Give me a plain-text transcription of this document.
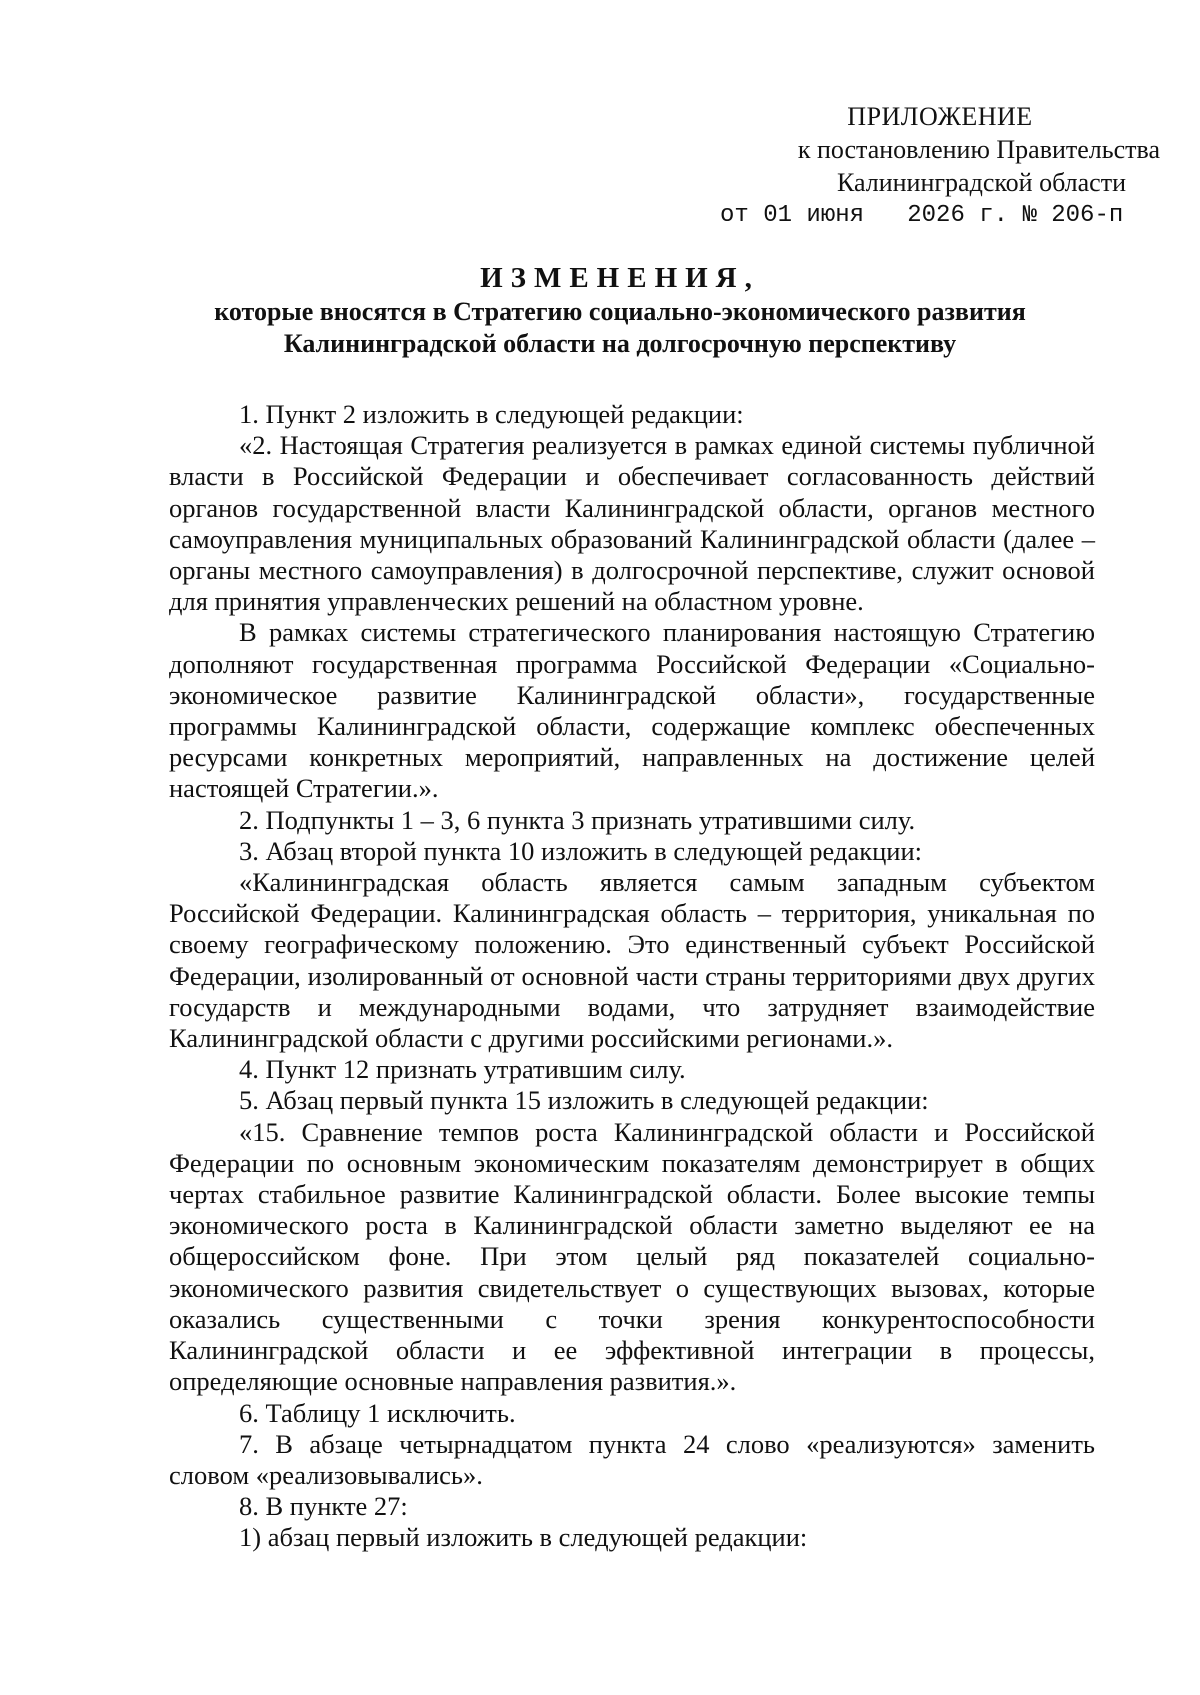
ПРИЛОЖЕНИЕ
к постановлению Правительства
Калининградской области
от 01 июня   2026 г. № 206-п
ИЗМЕНЕНИЯ,
которые вносятся в Стратегию социально-экономического развития
Калининградской области на долгосрочную перспективу

1. Пункт 2 изложить в следующей редакции:

«2. Настоящая Стратегия реализуется в рамках единой системы публичной власти в Российской Федерации и обеспечивает согласованность действий органов государственной власти Калининградской области, органов местного самоуправления муниципальных образований Калининградской области (далее – органы местного самоуправления) в долгосрочной перспективе, служит основой для принятия управленческих решений на областном уровне.

В рамках системы стратегического планирования настоящую Стратегию дополняют государственная программа Российской Федерации «Социально-экономическое развитие Калининградской области», государственные программы Калининградской области, содержащие комплекс обеспеченных ресурсами конкретных мероприятий, направленных на достижение целей настоящей Стратегии.».

2. Подпункты 1 – 3, 6 пункта 3 признать утратившими силу.

3. Абзац второй пункта 10 изложить в следующей редакции:

«Калининградская область является самым западным субъектом Российской Федерации. Калининградская область – территория, уникальная по своему географическому положению. Это единственный субъект Российской Федерации, изолированный от основной части страны территориями двух других государств и международными водами, что затрудняет взаимодействие Калининградской области с другими российскими регионами.».

4. Пункт 12 признать утратившим силу.

5. Абзац первый пункта 15 изложить в следующей редакции:

«15. Сравнение темпов роста Калининградской области и Российской Федерации по основным экономическим показателям демонстрирует в общих чертах стабильное развитие Калининградской области. Более высокие темпы экономического роста в Калининградской области заметно выделяют ее на общероссийском фоне. При этом целый ряд показателей социально-экономического развития свидетельствует о существующих вызовах, которые оказались существенными с точки зрения конкурентоспособности Калининградской области и ее эффективной интеграции в процессы, определяющие основные направления развития.».

6. Таблицу 1 исключить.

7. В абзаце четырнадцатом пункта 24 слово «реализуются» заменить словом «реализовывались».

8. В пункте 27:

1) абзац первый изложить в следующей редакции:
